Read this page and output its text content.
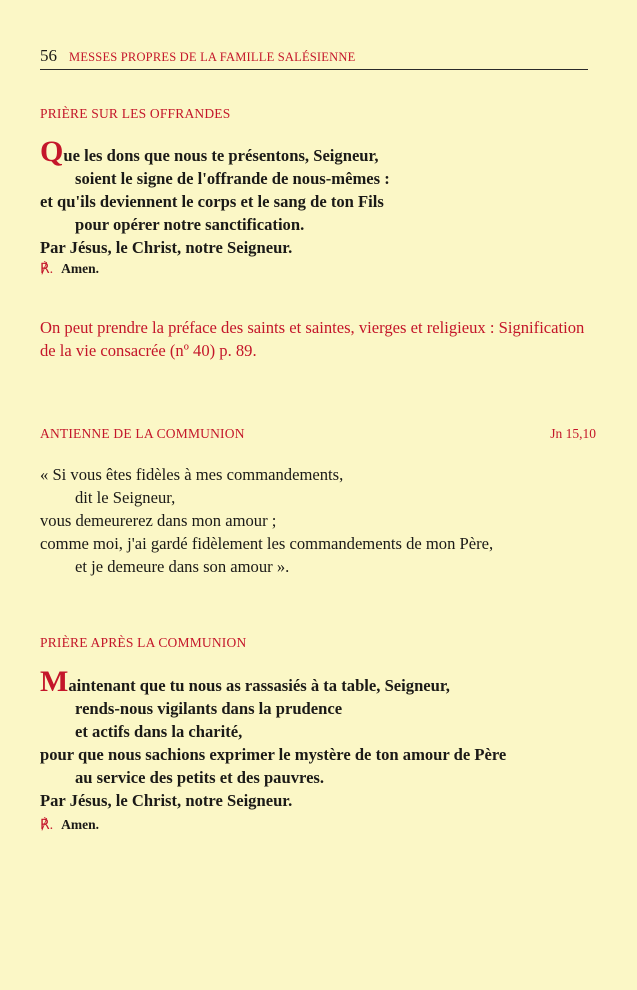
56 MESSES PROPRES DE LA FAMILLE SALÉSIENNE
PRIÈRE SUR LES OFFRANDES
Que les dons que nous te présentons, Seigneur,
soient le signe de l'offrande de nous-mêmes :
et qu'ils deviennent le corps et le sang de ton Fils
pour opérer notre sanctification.
Par Jésus, le Christ, notre Seigneur.
℟. Amen.
On peut prendre la préface des saints et saintes, vierges et religieux : Signification de la vie consacrée (nº 40) p. 89.
ANTIENNE DE LA COMMUNION	Jn 15,10
« Si vous êtes fidèles à mes commandements,
dit le Seigneur,
vous demeurerez dans mon amour ;
comme moi, j'ai gardé fidèlement les commandements de mon Père,
et je demeure dans son amour ».
PRIÈRE APRÈS LA COMMUNION
Maintenant que tu nous as rassasiés à ta table, Seigneur,
rends-nous vigilants dans la prudence
et actifs dans la charité,
pour que nous sachions exprimer le mystère de ton amour de Père
au service des petits et des pauvres.
Par Jésus, le Christ, notre Seigneur.
℟. Amen.
